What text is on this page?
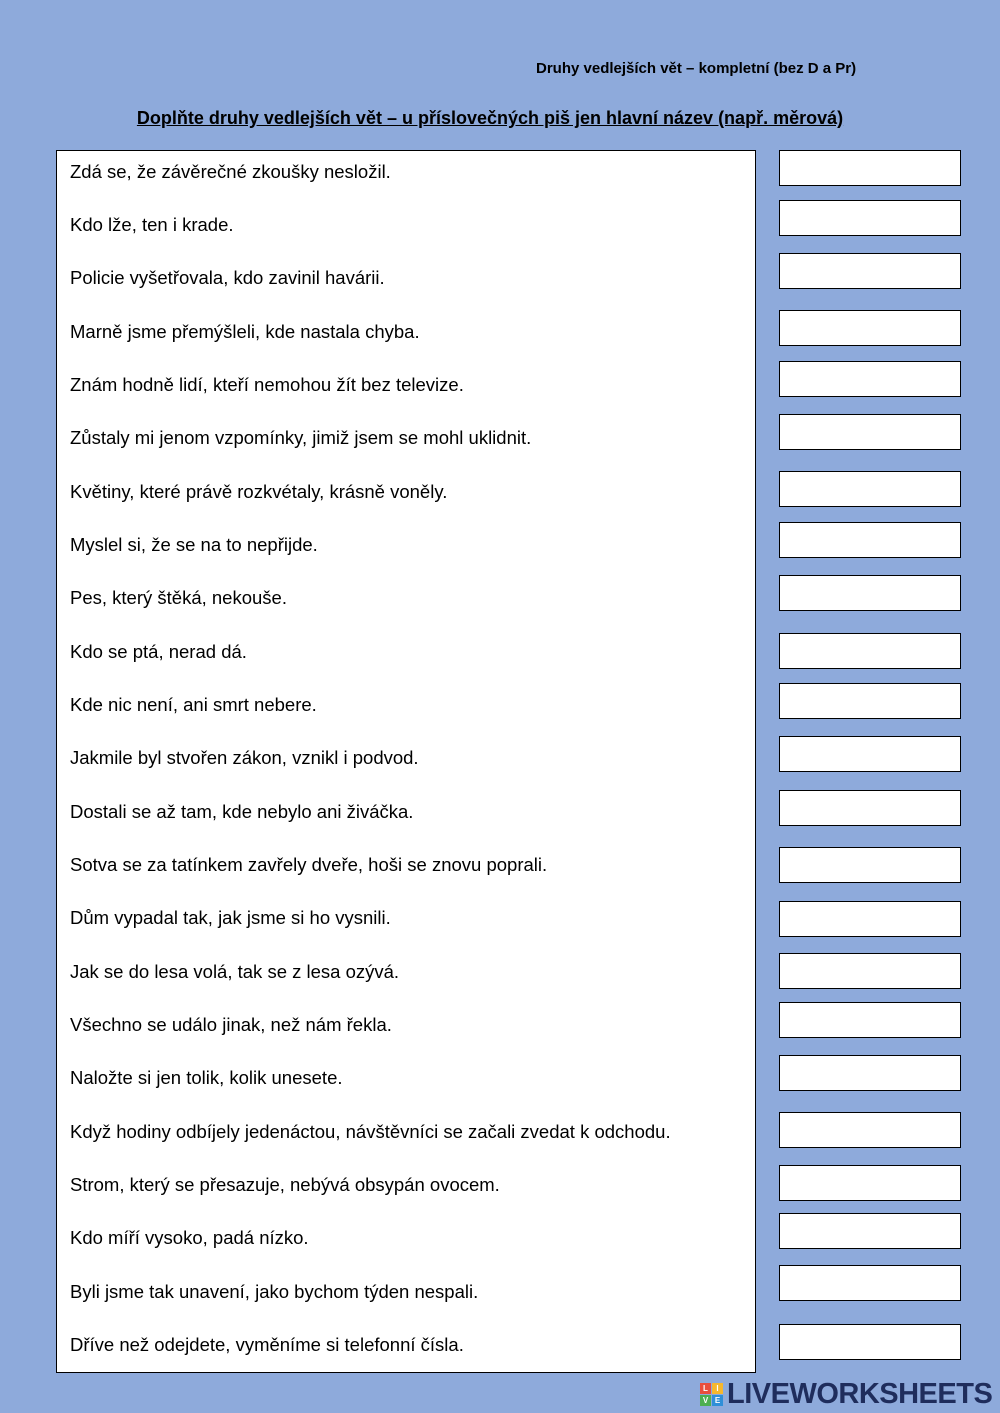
Druhy vedlejších vět – kompletní (bez D a Pr)
Doplňte druhy vedlejších vět – u příslovečných piš jen hlavní název (např. měrová)
Zdá se, že závěrečné zkoušky nesložil.
Kdo lže, ten i krade.
Policie vyšetřovala, kdo zavinil havárii.
Marně jsme přemýšleli, kde nastala chyba.
Znám hodně lidí, kteří nemohou žít bez televize.
Zůstaly mi jenom vzpomínky, jimiž jsem se mohl uklidnit.
Květiny, které právě rozkvétaly, krásně voněly.
Myslel si, že se na to nepřijde.
Pes, který štěká, nekouše.
Kdo se ptá, nerad dá.
Kde nic není, ani smrt nebere.
Jakmile byl stvořen zákon, vznikl i podvod.
Dostali se až tam, kde nebylo ani živáčka.
Sotva se za tatínkem zavřely dveře, hoši se znovu poprali.
Dům vypadal tak, jak jsme si ho vysnili.
Jak se do lesa volá, tak se z lesa ozývá.
Všechno se událo jinak, než nám řekla.
Naložte si jen tolik, kolik unesete.
Když hodiny odbíjely jedenáctou, návštěvníci se začali zvedat k odchodu.
Strom, který se přesazuje, nebývá obsypán ovocem.
Kdo míří vysoko, padá nízko.
Byli jsme tak unavení, jako bychom týden nespali.
Dříve než odejdete, vyměníme si telefonní čísla.
L	I
V E LIVEWORKSHEETS
